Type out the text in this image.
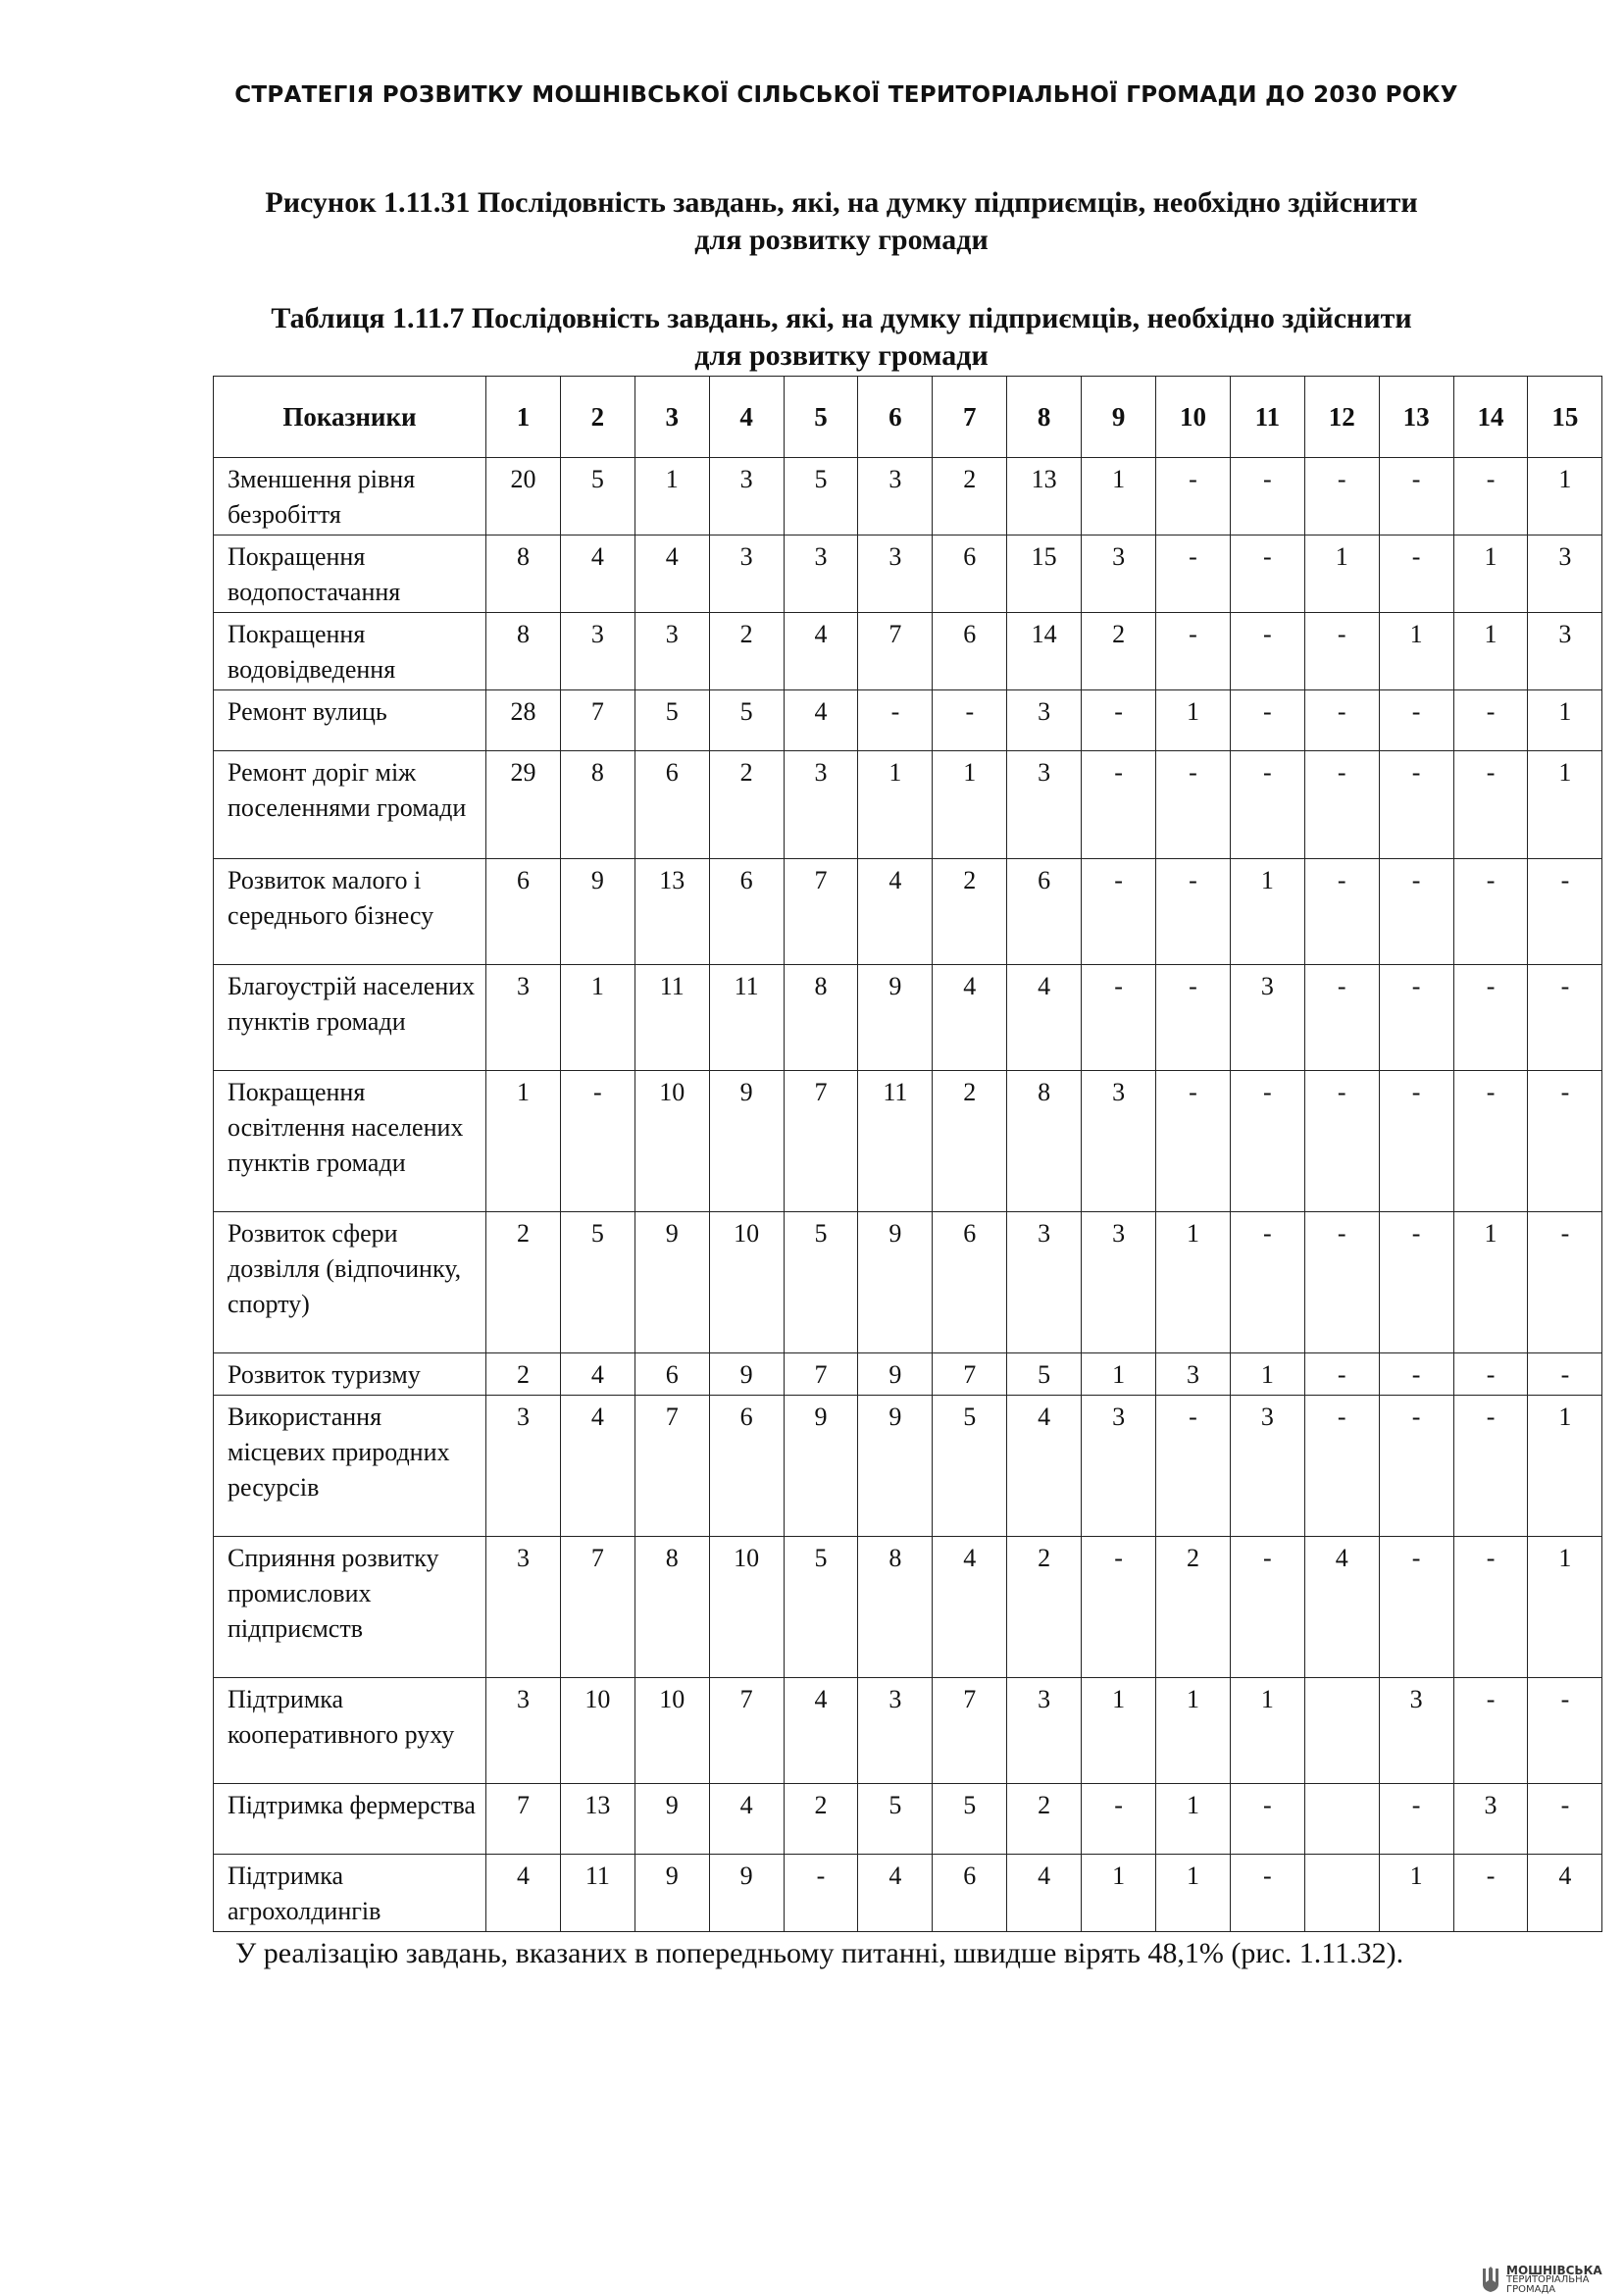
СТРАТЕГІЯ РОЗВИТКУ МОШНІВСЬКОЇ СІЛЬСЬКОЇ ТЕРИТОРІАЛЬНОЇ ГРОМАДИ ДО 2030 РОКУ
Рисунок 1.11.31 Послідовність завдань, які, на думку підприємців, необхідно здійснити
для розвитку громади
Таблиця 1.11.7 Послідовність завдань, які, на думку підприємців, необхідно здійснити
для розвитку громади
Показники	1	2	3	4	5	6	7	8	9	10	11	12	13	14	15
Зменшення рівня безробіття	20	5	1	3	5	3	2	13	1	-	-	-	-	-	1
Покращення водопостачання	8	4	4	3	3	3	6	15	3	-	-	1	-	1	3
Покращення водовідведення	8	3	3	2	4	7	6	14	2	-	-	-	1	1	3
Ремонт вулиць	28	7	5	5	4	-	-	3	-	1	-	-	-	-	1
Ремонт доріг між поселеннями громади	29	8	6	2	3	1	1	3	-	-	-	-	-	-	1
Розвиток малого і середнього бізнесу	6	9	13	6	7	4	2	6	-	-	1	-	-	-	-
Благоустрій населених пунктів громади	3	1	11	11	8	9	4	4	-	-	3	-	-	-	-
Покращення освітлення населених пунктів громади	1	-	10	9	7	11	2	8	3	-	-	-	-	-	-
Розвиток сфери дозвілля (відпочинку, спорту)	2	5	9	10	5	9	6	3	3	1	-	-	-	1	-
Розвиток туризму	2	4	6	9	7	9	7	5	1	3	1	-	-	-	-
Використання місцевих природних ресурсів	3	4	7	6	9	9	5	4	3	-	3	-	-	-	1
Сприяння розвитку промислових підприємств	3	7	8	10	5	8	4	2	-	2	-	4	-	-	1
Підтримка кооперативного руху	3	10	10	7	4	3	7	3	1	1	1		3	-	-
Підтримка фермерства	7	13	9	4	2	5	5	2	-	1	-		-	3	-
Підтримка агрохолдингів	4	11	9	9	-	4	6	4	1	1	-		1	-	4
У реалізацію завдань, вказаних в попередньому питанні, швидше вірять 48,1% (рис. 1.11.32).
МОШНІВСЬКА
ТЕРИТОРІАЛЬНА
ГРОМАДА
